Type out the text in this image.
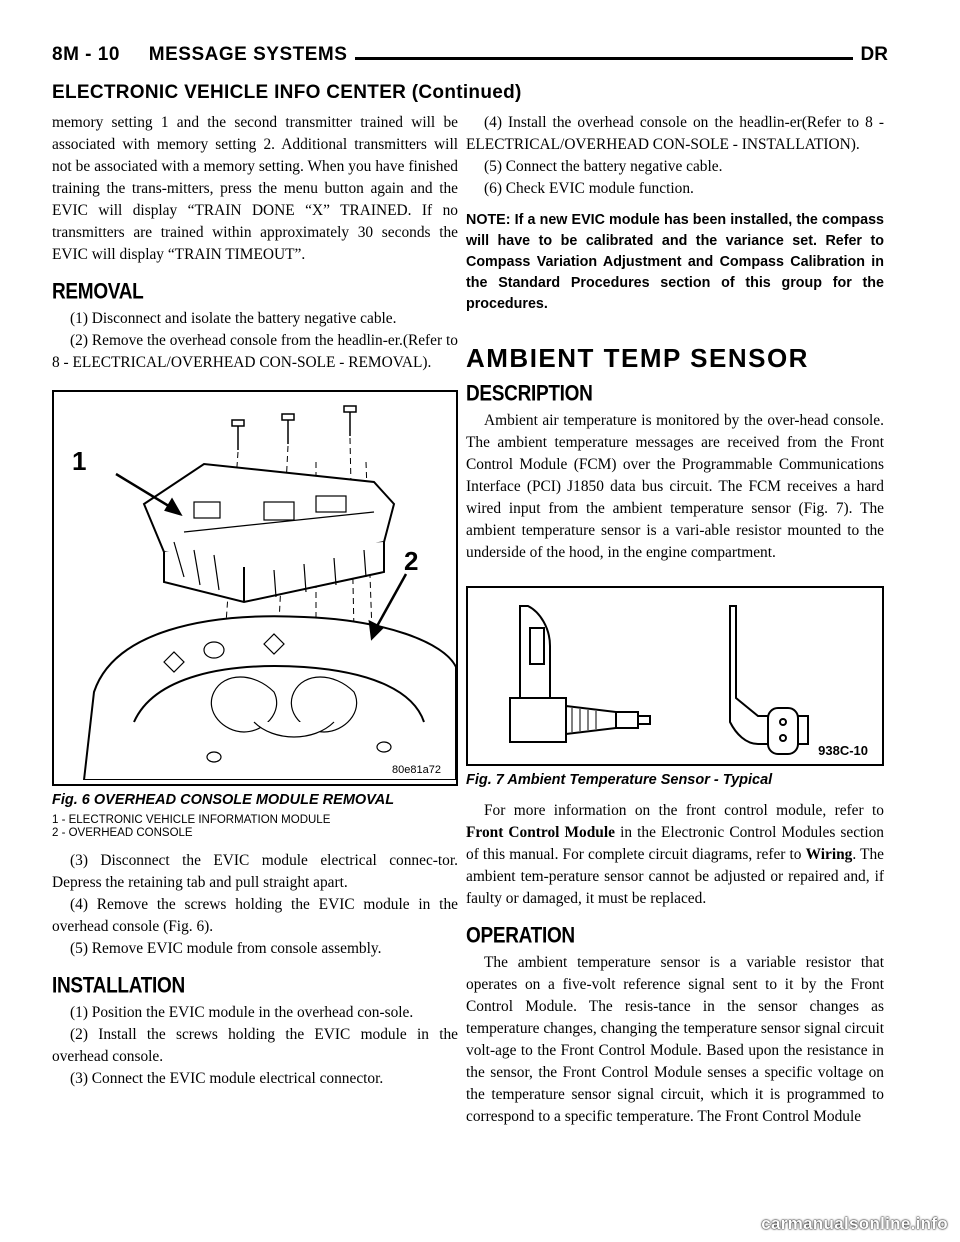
8M - 10     MESSAGE SYSTEMS	DR
ELECTRONIC VEHICLE INFO CENTER (Continued)

memory setting 1 and the second transmitter trained will be associated with memory setting 2. Additional transmitters will not be associated with a memory setting. When you have finished training the trans-mitters, press the menu button again and the EVIC will display “TRAIN DONE “X” TRAINED. If no transmitters are trained within approximately 30 seconds the EVIC will display “TRAIN TIMEOUT”.

REMOVAL

(1) Disconnect and isolate the battery negative cable.

(2) Remove the overhead console from the headlin-er.(Refer to 8 - ELECTRICAL/OVERHEAD CON-SOLE - REMOVAL).

1
2
80e81a72
Fig. 6 OVERHEAD CONSOLE MODULE REMOVAL
1 - ELECTRONIC VEHICLE INFORMATION MODULE
2 - OVERHEAD CONSOLE

(3) Disconnect the EVIC module electrical connec-tor. Depress the retaining tab and pull straight apart.

(4) Remove the screws holding the EVIC module in the overhead console (Fig. 6).

(5) Remove EVIC module from console assembly.

INSTALLATION

(1) Position the EVIC module in the overhead con-sole.

(2) Install the screws holding the EVIC module in the overhead console.

(3) Connect the EVIC module electrical connector.

(4) Install the overhead console on the headlin-er(Refer to 8 - ELECTRICAL/OVERHEAD CON-SOLE - INSTALLATION).

(5) Connect the battery negative cable.

(6) Check EVIC module function.

NOTE: If a new EVIC module has been installed, the compass will have to be calibrated and the variance set. Refer to Compass Variation Adjustment and Compass Calibration in the Standard Procedures section of this group for the procedures.
AMBIENT TEMP SENSOR
DESCRIPTION

Ambient air temperature is monitored by the over-head console. The ambient temperature messages are received from the Front Control Module (FCM) over the Programmable Communications Interface (PCI) J1850 data bus circuit. The FCM receives a hard wired input from the ambient temperature sensor (Fig. 7). The ambient temperature sensor is a vari-able resistor mounted to the underside of the hood, in the engine compartment.

938C-10
Fig. 7 Ambient Temperature Sensor - Typical

For more information on the front control module, refer to Front Control Module in the Electronic Control Modules section of this manual. For complete circuit diagrams, refer to Wiring. The ambient tem-perature sensor cannot be adjusted or repaired and, if faulty or damaged, it must be replaced.

OPERATION

The ambient temperature sensor is a variable resistor that operates on a five-volt reference signal sent to it by the Front Control Module. The resis-tance in the sensor changes as temperature changes, changing the temperature sensor signal circuit volt-age to the Front Control Module. Based upon the resistance in the sensor, the Front Control Module senses a specific voltage on the temperature sensor signal circuit, which it is programmed to correspond to a specific temperature. The Front Control Module

carmanualsonline.info
